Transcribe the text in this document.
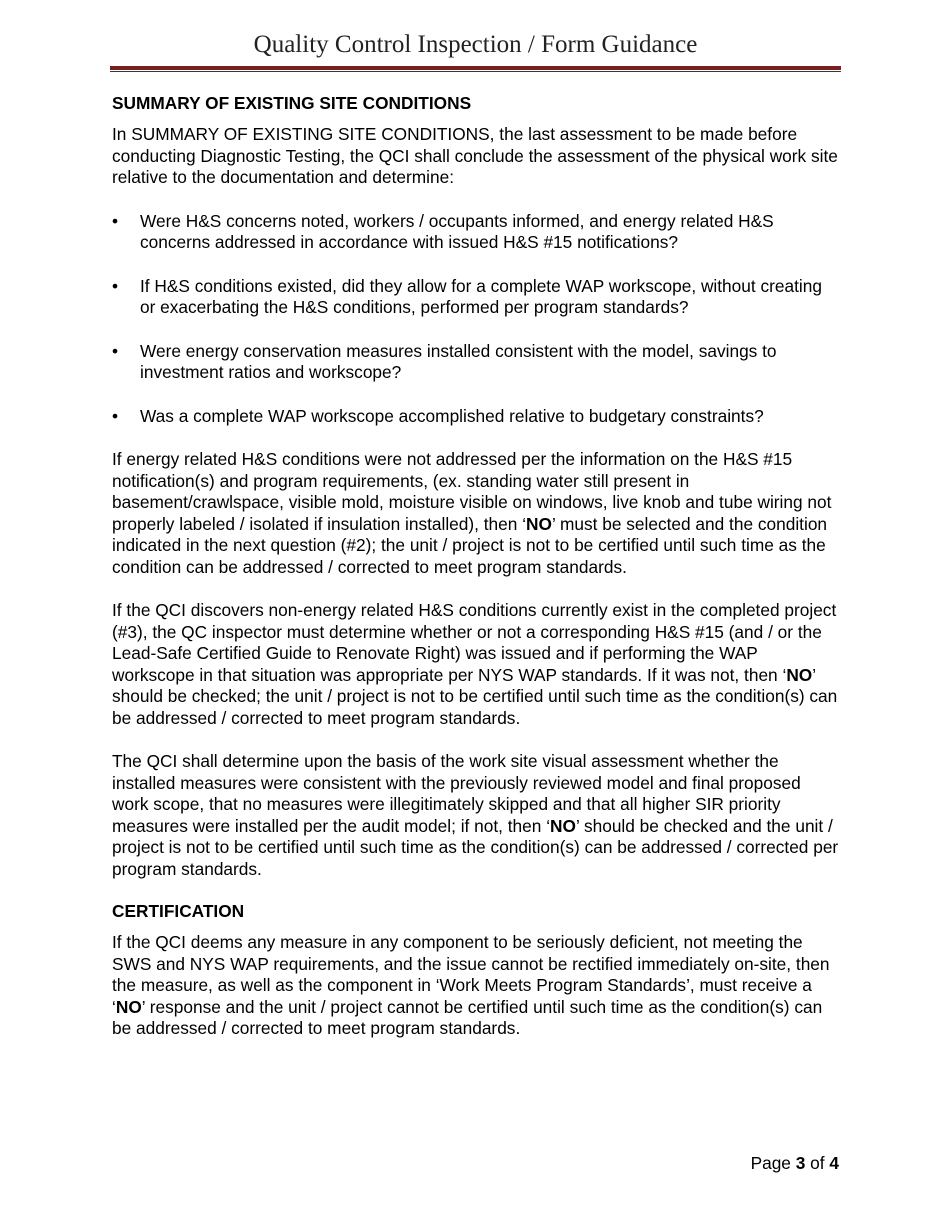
Quality Control Inspection / Form Guidance
SUMMARY OF EXISTING SITE CONDITIONS

In SUMMARY OF EXISTING SITE CONDITIONS, the last assessment to be made before conducting Diagnostic Testing, the QCI shall conclude the assessment of the physical work site relative to the documentation and determine:

• Were H&S concerns noted, workers / occupants informed, and energy related H&S concerns addressed in accordance with issued H&S #15 notifications?
• If H&S conditions existed, did they allow for a complete WAP workscope, without creating or exacerbating the H&S conditions, performed per program standards?
• Were energy conservation measures installed consistent with the model, savings to investment ratios and workscope?
• Was a complete WAP workscope accomplished relative to budgetary constraints?

If energy related H&S conditions were not addressed per the information on the H&S #15 notification(s) and program requirements, (ex. standing water still present in basement/crawlspace, visible mold, moisture visible on windows, live knob and tube wiring not properly labeled / isolated if insulation installed), then ‘NO’ must be selected and the condition indicated in the next question (#2); the unit / project is not to be certified until such time as the condition can be addressed / corrected to meet program standards.

If the QCI discovers non-energy related H&S conditions currently exist in the completed project (#3), the QC inspector must determine whether or not a corresponding H&S #15 (and / or the Lead-Safe Certified Guide to Renovate Right) was issued and if performing the WAP workscope in that situation was appropriate per NYS WAP standards. If it was not, then ‘NO’ should be checked; the unit / project is not to be certified until such time as the condition(s) can be addressed / corrected to meet program standards.

The QCI shall determine upon the basis of the work site visual assessment whether the installed measures were consistent with the previously reviewed model and final proposed work scope, that no measures were illegitimately skipped and that all higher SIR priority measures were installed per the audit model; if not, then ‘NO’ should be checked and the unit / project is not to be certified until such time as the condition(s) can be addressed / corrected per program standards.

CERTIFICATION

If the QCI deems any measure in any component to be seriously deficient, not meeting the SWS and NYS WAP requirements, and the issue cannot be rectified immediately on-site, then the measure, as well as the component in ‘Work Meets Program Standards’, must receive a ‘NO’ response and the unit / project cannot be certified until such time as the condition(s) can be addressed / corrected to meet program standards.

Page 3 of 4
